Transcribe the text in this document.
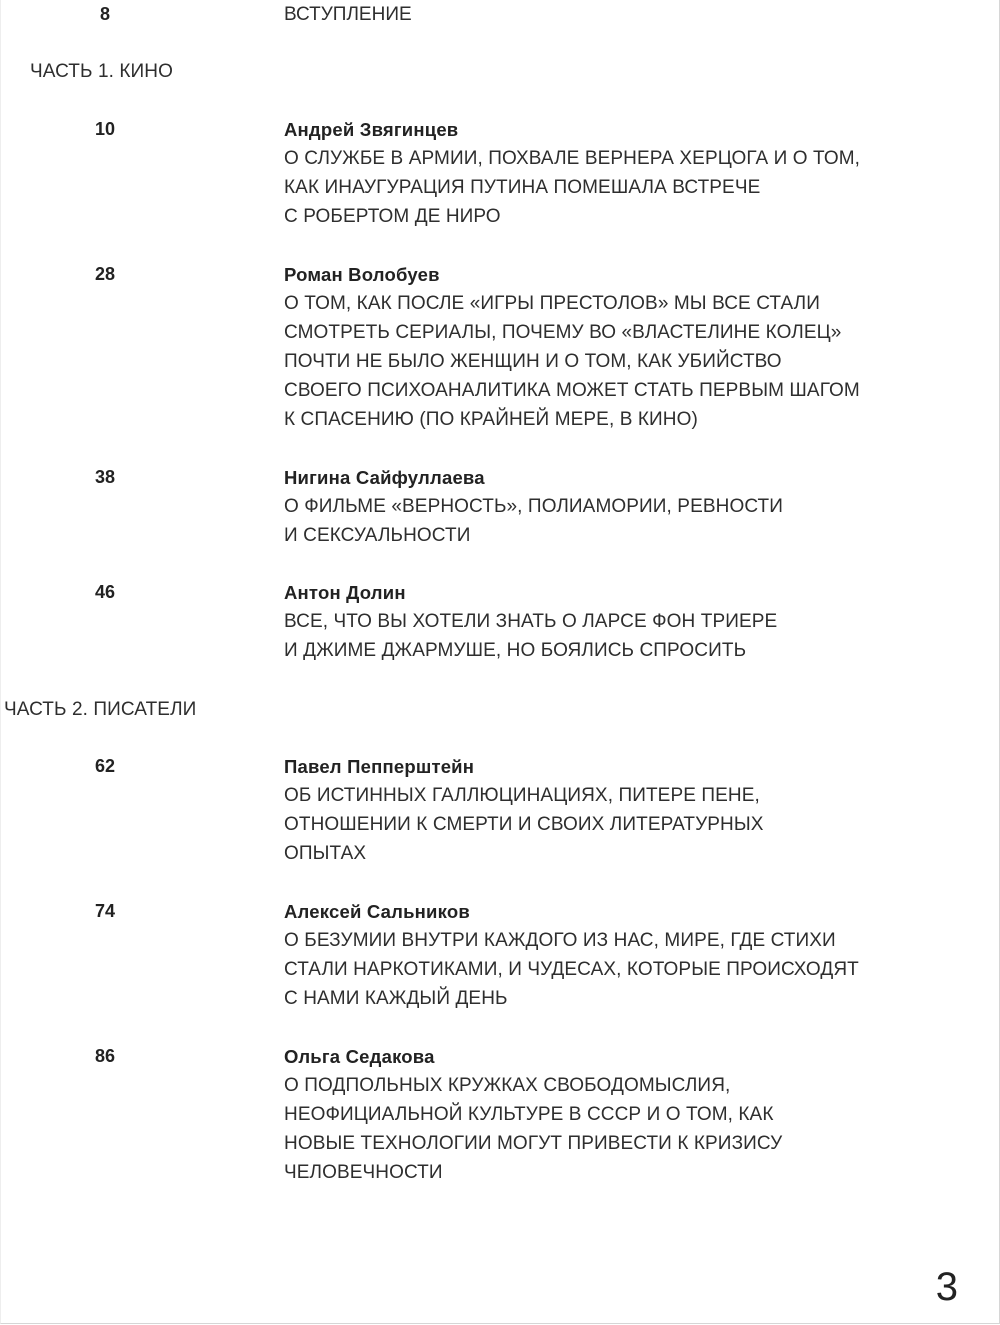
8	ВСТУПЛЕНИЕ
ЧАСТЬ 1. КИНО
10	Андрей Звягинцев
О СЛУЖБЕ В АРМИИ, ПОХВАЛЕ ВЕРНЕРА ХЕРЦОГА И О ТОМ,
КАК ИНАУГУРАЦИЯ ПУТИНА ПОМЕШАЛА ВСТРЕЧЕ
С РОБЕРТОМ ДЕ НИРО
28	Роман Волобуев
О ТОМ, КАК ПОСЛЕ «ИГРЫ ПРЕСТОЛОВ» МЫ ВСЕ СТАЛИ
СМОТРЕТЬ СЕРИАЛЫ, ПОЧЕМУ ВО «ВЛАСТЕЛИНЕ КОЛЕЦ»
ПОЧТИ НЕ БЫЛО ЖЕНЩИН И О ТОМ, КАК УБИЙСТВО
СВОЕГО ПСИХОАНАЛИТИКА МОЖЕТ СТАТЬ ПЕРВЫМ ШАГОМ
К СПАСЕНИЮ (ПО КРАЙНЕЙ МЕРЕ, В КИНО)
38	Нигина Сайфуллаева
О ФИЛЬМЕ «ВЕРНОСТЬ», ПОЛИАМОРИИ, РЕВНОСТИ
И СЕКСУАЛЬНОСТИ
46	Антон Долин
ВСЕ, ЧТО ВЫ ХОТЕЛИ ЗНАТЬ О ЛАРСЕ ФОН ТРИЕРЕ
И ДЖИМЕ ДЖАРМУШЕ, НО БОЯЛИСЬ СПРОСИТЬ
ЧАСТЬ 2. ПИСАТЕЛИ
62	Павел Пепперштейн
ОБ ИСТИННЫХ ГАЛЛЮЦИНАЦИЯХ, ПИТЕРЕ ПЕНЕ,
ОТНОШЕНИИ К СМЕРТИ И СВОИХ ЛИТЕРАТУРНЫХ
ОПЫТАХ
74	Алексей Сальников
О БЕЗУМИИ ВНУТРИ КАЖДОГО ИЗ НАС, МИРЕ, ГДЕ СТИХИ
СТАЛИ НАРКОТИКАМИ, И ЧУДЕСАХ, КОТОРЫЕ ПРОИСХОДЯТ
С НАМИ КАЖДЫЙ ДЕНЬ
86	Ольга Седакова
О ПОДПОЛЬНЫХ КРУЖКАХ СВОБОДОМЫСЛИЯ,
НЕОФИЦИАЛЬНОЙ КУЛЬТУРЕ В СССР И О ТОМ, КАК
НОВЫЕ ТЕХНОЛОГИИ МОГУТ ПРИВЕСТИ К КРИЗИСУ
ЧЕЛОВЕЧНОСТИ
3
